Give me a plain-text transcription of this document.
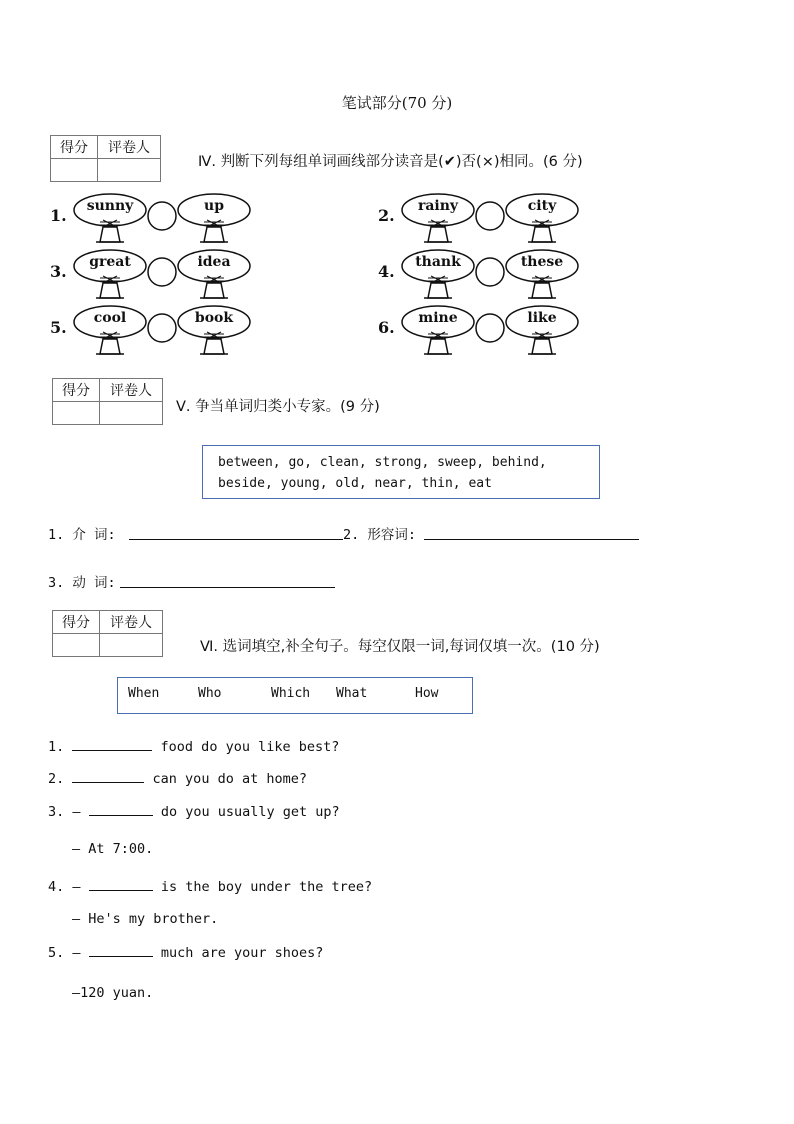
笔试部分(70 分)
得分	评卷人

Ⅳ. 判断下列每组单词画线部分读音是(✔)否(×)相同。(6 分)
1.	sunny	up	2.	rainy	city
3.	great	idea	4.	thank	these
5.	cool	book	6.	mine	like
得分	评卷人

Ⅴ. 争当单词归类小专家。(9 分)
between, go, clean, strong, sweep, behind,
beside, young, old, near, thin, eat
1. 介 词:	2. 形容词:
3. 动 词:
得分	评卷人

Ⅵ. 选词填空,补全句子。每空仅限一词,每词仅填一次。(10 分)
When	Who	Which What	How
1.	food do you like best?
2.	can you do at home?
3. —	do you usually get up?
— At 7:00.
4. —	is the boy under the tree?
— He's my brother.
5. —	much are your shoes?
—120 yuan.
